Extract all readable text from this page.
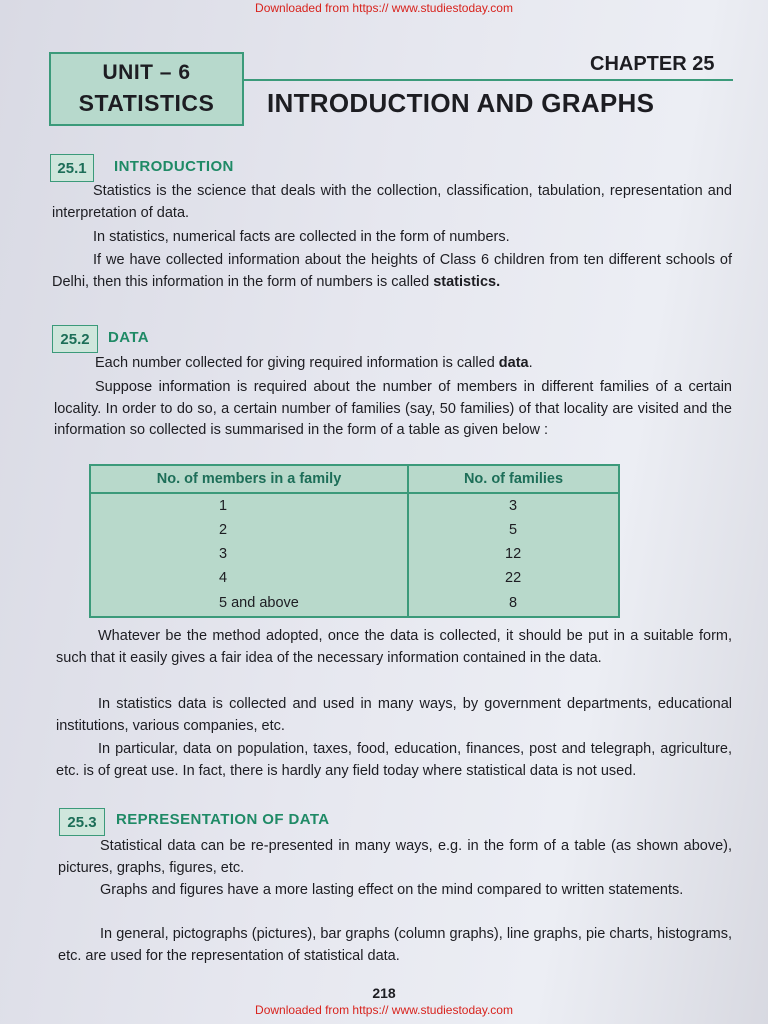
Downloaded from https:// www.studiestoday.com
UNIT – 6
STATISTICS
CHAPTER 25
INTRODUCTION AND GRAPHS
25.1	INTRODUCTION
Statistics is the science that deals with the collection, classification, tabulation, representation and interpretation of data.
In statistics, numerical facts are collected in the form of numbers.
If we have collected information about the heights of Class 6 children from ten different schools of Delhi, then this information in the form of numbers is called statistics.
25.2	DATA
Each number collected for giving required information is called data.
Suppose information is required about the number of members in different families of a certain locality. In order to do so, a certain number of families (say, 50 families) of that locality are visited and the information so collected is summarised in the form of a table as given below :
No. of members in a family	No. of families
1	3
2	5
3	12
4	22
5 and above	8
Whatever be the method adopted, once the data is collected, it should be put in a suitable form, such that it easily gives a fair idea of the necessary information contained in the data.
In statistics data is collected and used in many ways, by government departments, educational institutions, various companies, etc.
In particular, data on population, taxes, food, education, finances, post and telegraph, agriculture, etc. is of great use. In fact, there is hardly any field today where statistical data is not used.
25.3	REPRESENTATION OF DATA
Statistical data can be re-presented in many ways, e.g. in the form of a table (as shown above), pictures, graphs, figures, etc.
Graphs and figures have a more lasting effect on the mind compared to written statements.
In general, pictographs (pictures), bar graphs (column graphs), line graphs, pie charts, histograms, etc. are used for the representation of statistical data.
218
Downloaded from https:// www.studiestoday.com
